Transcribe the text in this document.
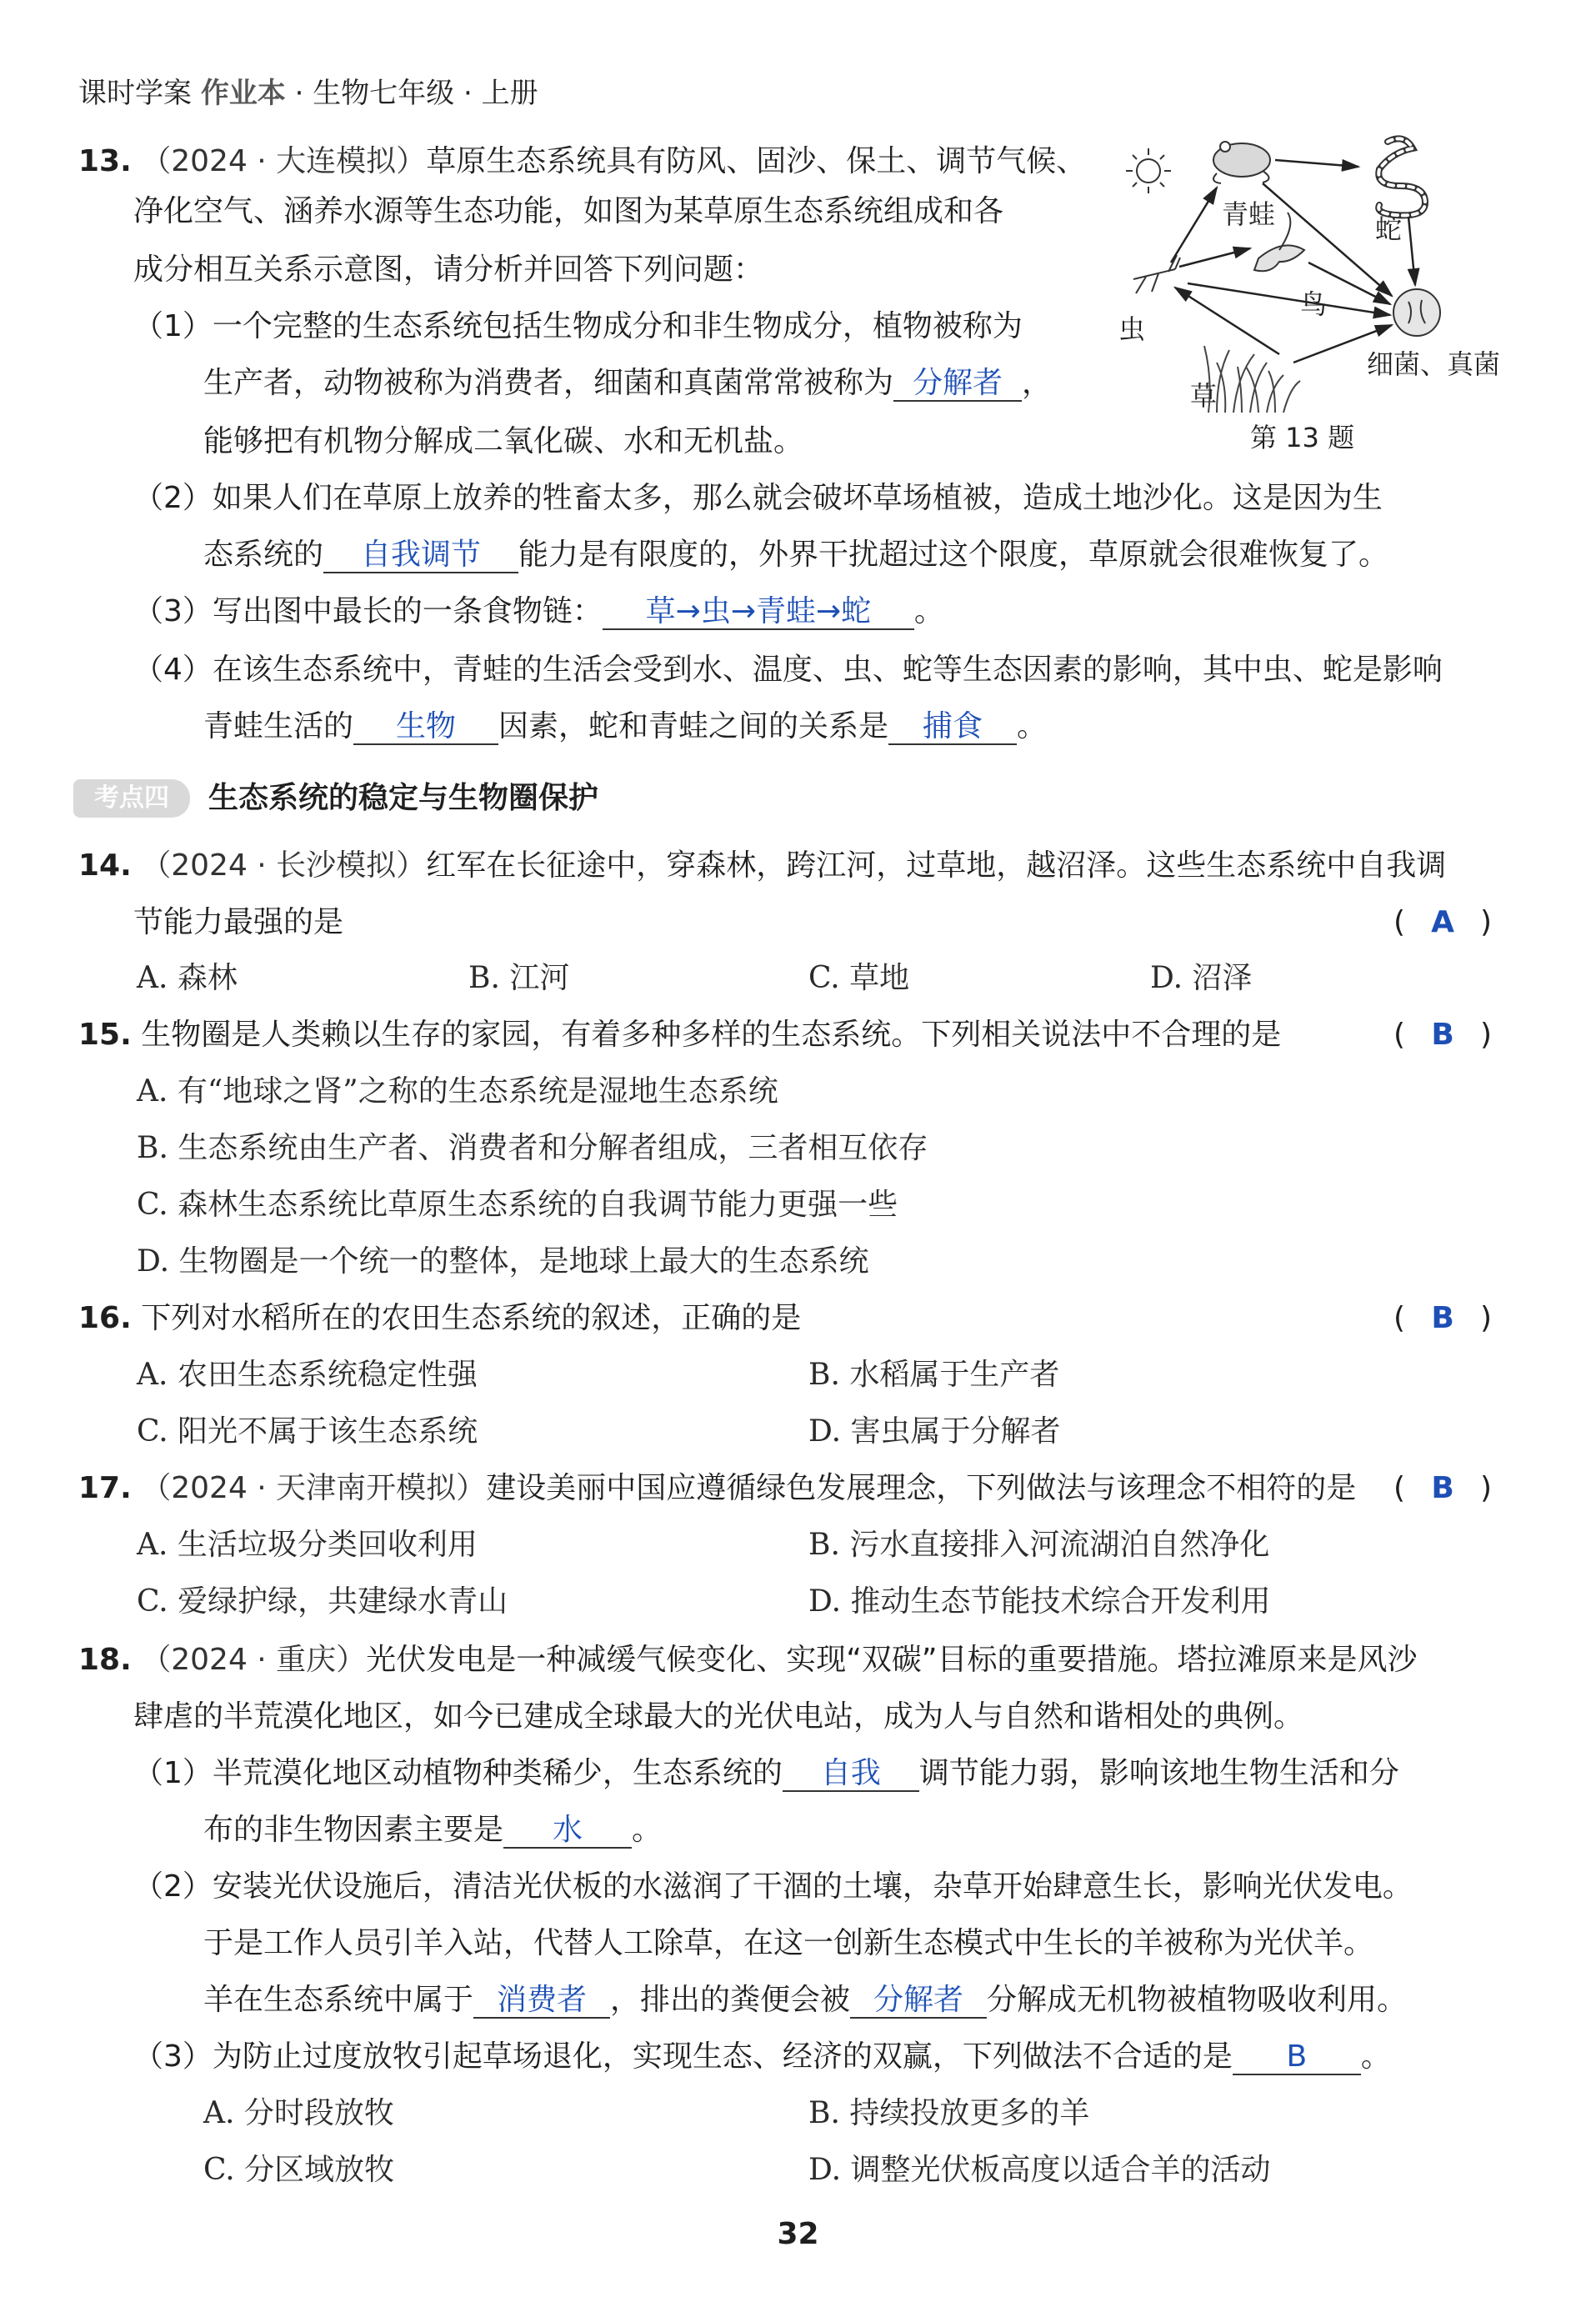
课时学案 作业本 · 生物七年级 · 上册
13. （2024 · 大连模拟）草原生态系统具有防风、固沙、保土、调节气候、
净化空气、涵养水源等生态功能，如图为某草原生态系统组成和各
成分相互关系示意图，请分析并回答下列问题：
（1）一个完整的生态系统包括生物成分和非生物成分，植物被称为
生产者，动物被称为消费者，细菌和真菌常常被称为 分解者 ，
能够把有机物分解成二氧化碳、水和无机盐。
（2）如果人们在草原上放养的牲畜太多，那么就会破坏草场植被，造成土地沙化。这是因为生
态系统的 自我调节 能力是有限度的，外界干扰超过这个限度，草原就会很难恢复了。
（3）写出图中最长的一条食物链： 草→虫→青蛙→蛇 。
（4）在该生态系统中，青蛙的生活会受到水、温度、虫、蛇等生态因素的影响，其中虫、蛇是影响
青蛙生活的 生物 因素，蛇和青蛙之间的关系是 捕食 。
青蛙	蛇
鸟
虫
草
细菌、真菌
第 13 题
考点四	生态系统的稳定与生物圈保护
14. （2024 · 长沙模拟）红军在长征途中，穿森林，跨江河，过草地，越沼泽。这些生态系统中自我调
节能力最强的是	( A )
A. 森林	B. 江河	C. 草地	D. 沼泽
15. 生物圈是人类赖以生存的家园，有着多种多样的生态系统。下列相关说法中不合理的是	( B )
A. 有“地球之肾”之称的生态系统是湿地生态系统
B. 生态系统由生产者、消费者和分解者组成，三者相互依存
C. 森林生态系统比草原生态系统的自我调节能力更强一些
D. 生物圈是一个统一的整体，是地球上最大的生态系统
16. 下列对水稻所在的农田生态系统的叙述，正确的是	( B )
A. 农田生态系统稳定性强	B. 水稻属于生产者
C. 阳光不属于该生态系统	D. 害虫属于分解者
17. （2024 · 天津南开模拟）建设美丽中国应遵循绿色发展理念，下列做法与该理念不相符的是 ( B )
A. 生活垃圾分类回收利用	B. 污水直接排入河流湖泊自然净化
C. 爱绿护绿，共建绿水青山	D. 推动生态节能技术综合开发利用
18. （2024 · 重庆）光伏发电是一种减缓气候变化、实现“双碳”目标的重要措施。塔拉滩原来是风沙
肆虐的半荒漠化地区，如今已建成全球最大的光伏电站，成为人与自然和谐相处的典例。
（1）半荒漠化地区动植物种类稀少，生态系统的 自我 调节能力弱，影响该地生物生活和分
布的非生物因素主要是 水 。
（2）安装光伏设施后，清洁光伏板的水滋润了干涸的土壤，杂草开始肆意生长，影响光伏发电。
于是工作人员引羊入站，代替人工除草，在这一创新生态模式中生长的羊被称为光伏羊。
羊在生态系统中属于 消费者 ，排出的粪便会被 分解者 分解成无机物被植物吸收利用。
（3）为防止过度放牧引起草场退化，实现生态、经济的双赢，下列做法不合适的是 B 。
A. 分时段放牧	B. 持续投放更多的羊
C. 分区域放牧	D. 调整光伏板高度以适合羊的活动
32
